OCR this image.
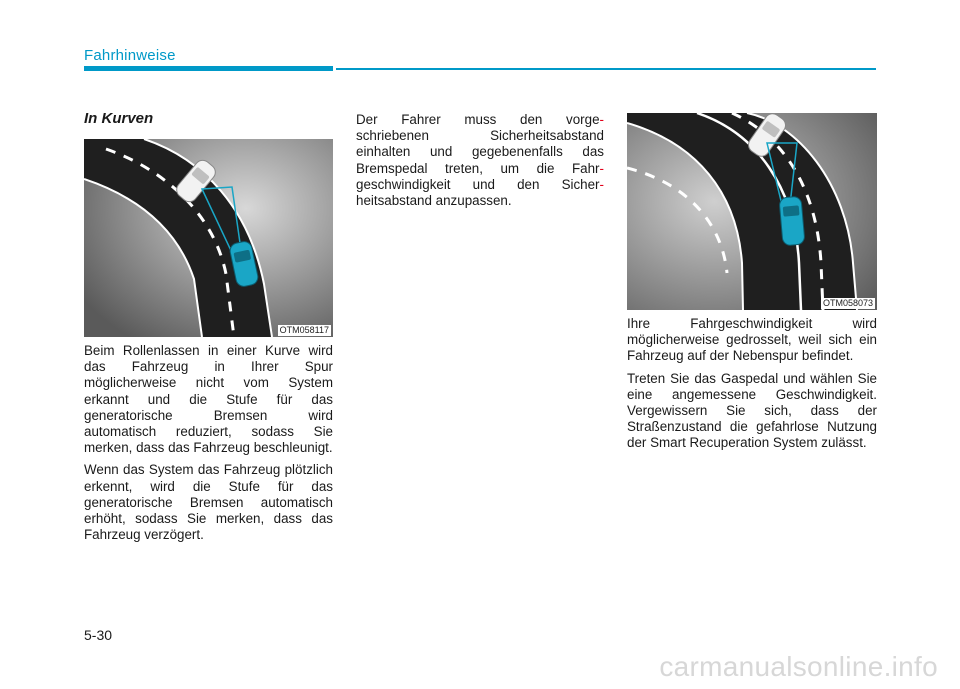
Fahrhinweise
In Kurven
OTM058117

Beim Rollenlassen in einer Kurve wird das Fahrzeug in Ihrer Spur möglicherweise nicht vom System erkannt und die Stufe für das generatorische Bremsen wird automatisch reduziert, sodass Sie merken, dass das Fahrzeug beschleunigt.

Wenn das System das Fahrzeug plötzlich erkennt, wird die Stufe für das generatorische Bremsen automatisch erhöht, sodass Sie merken, dass das Fahrzeug verzögert.

Der Fahrer muss den vorge-
schriebenen Sicherheitsabstand
einhalten und gegebenenfalls das
Bremspedal treten, um die Fahr-
geschwindigkeit und den Sicher-
heitsabstand anzupassen.
OTM058073

Ihre Fahrgeschwindigkeit wird möglicherweise gedrosselt, weil sich ein Fahrzeug auf der Nebenspur befindet.

Treten Sie das Gaspedal und wählen Sie eine angemessene Geschwindigkeit. Vergewissern Sie sich, dass der Straßenzustand die gefahrlose Nutzung der Smart Recuperation System zulässt.

5-30
carmanualsonline.info
